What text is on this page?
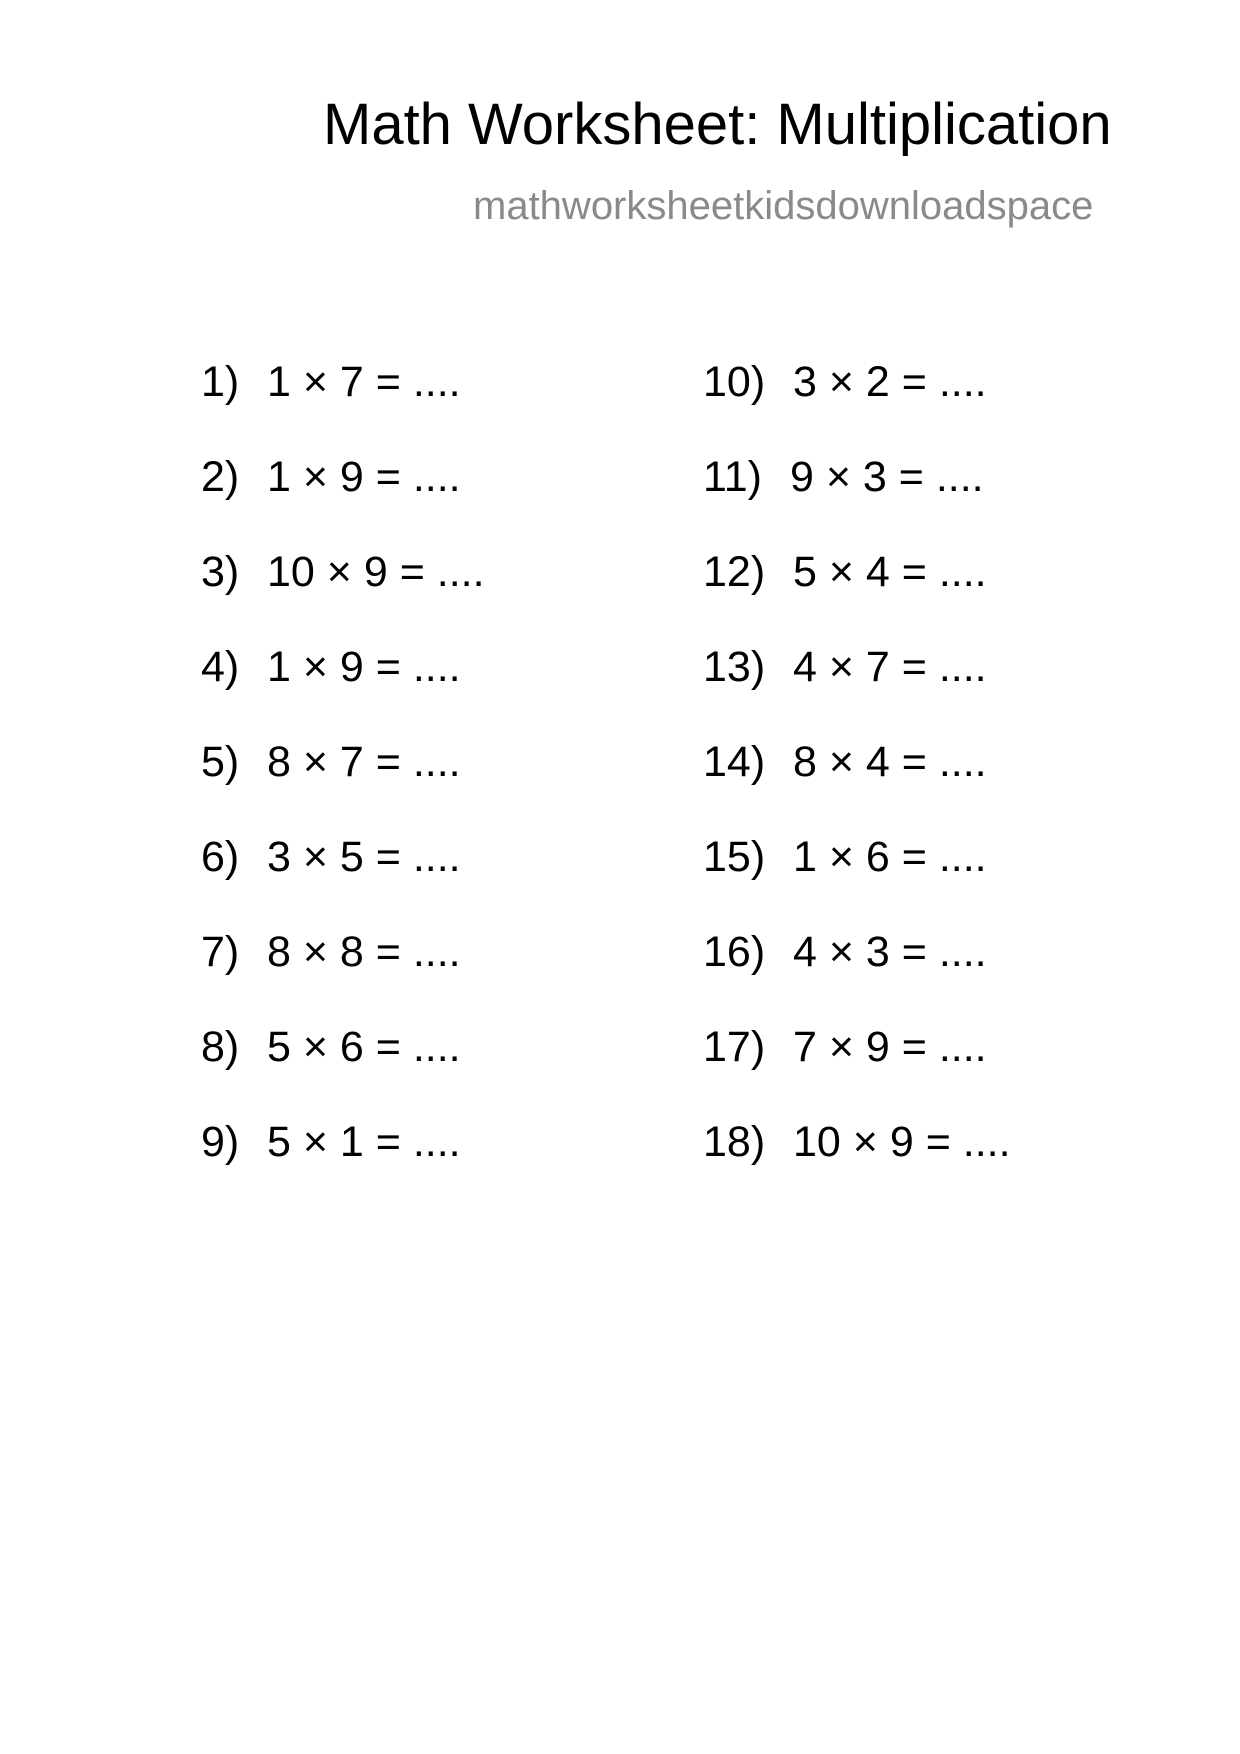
Math Worksheet: Multiplication
mathworksheetkidsdownloadspace
1) 1 × 7 = ....
2) 1 × 9 = ....
3) 10 × 9 = ....
4) 1 × 9 = ....
5) 8 × 7 = ....
6) 3 × 5 = ....
7) 8 × 8 = ....
8) 5 × 6 = ....
9) 5 × 1 = ....
10) 3 × 2 = ....
11) 9 × 3 = ....
12) 5 × 4 = ....
13) 4 × 7 = ....
14) 8 × 4 = ....
15) 1 × 6 = ....
16) 4 × 3 = ....
17) 7 × 9 = ....
18) 10 × 9 = ....
